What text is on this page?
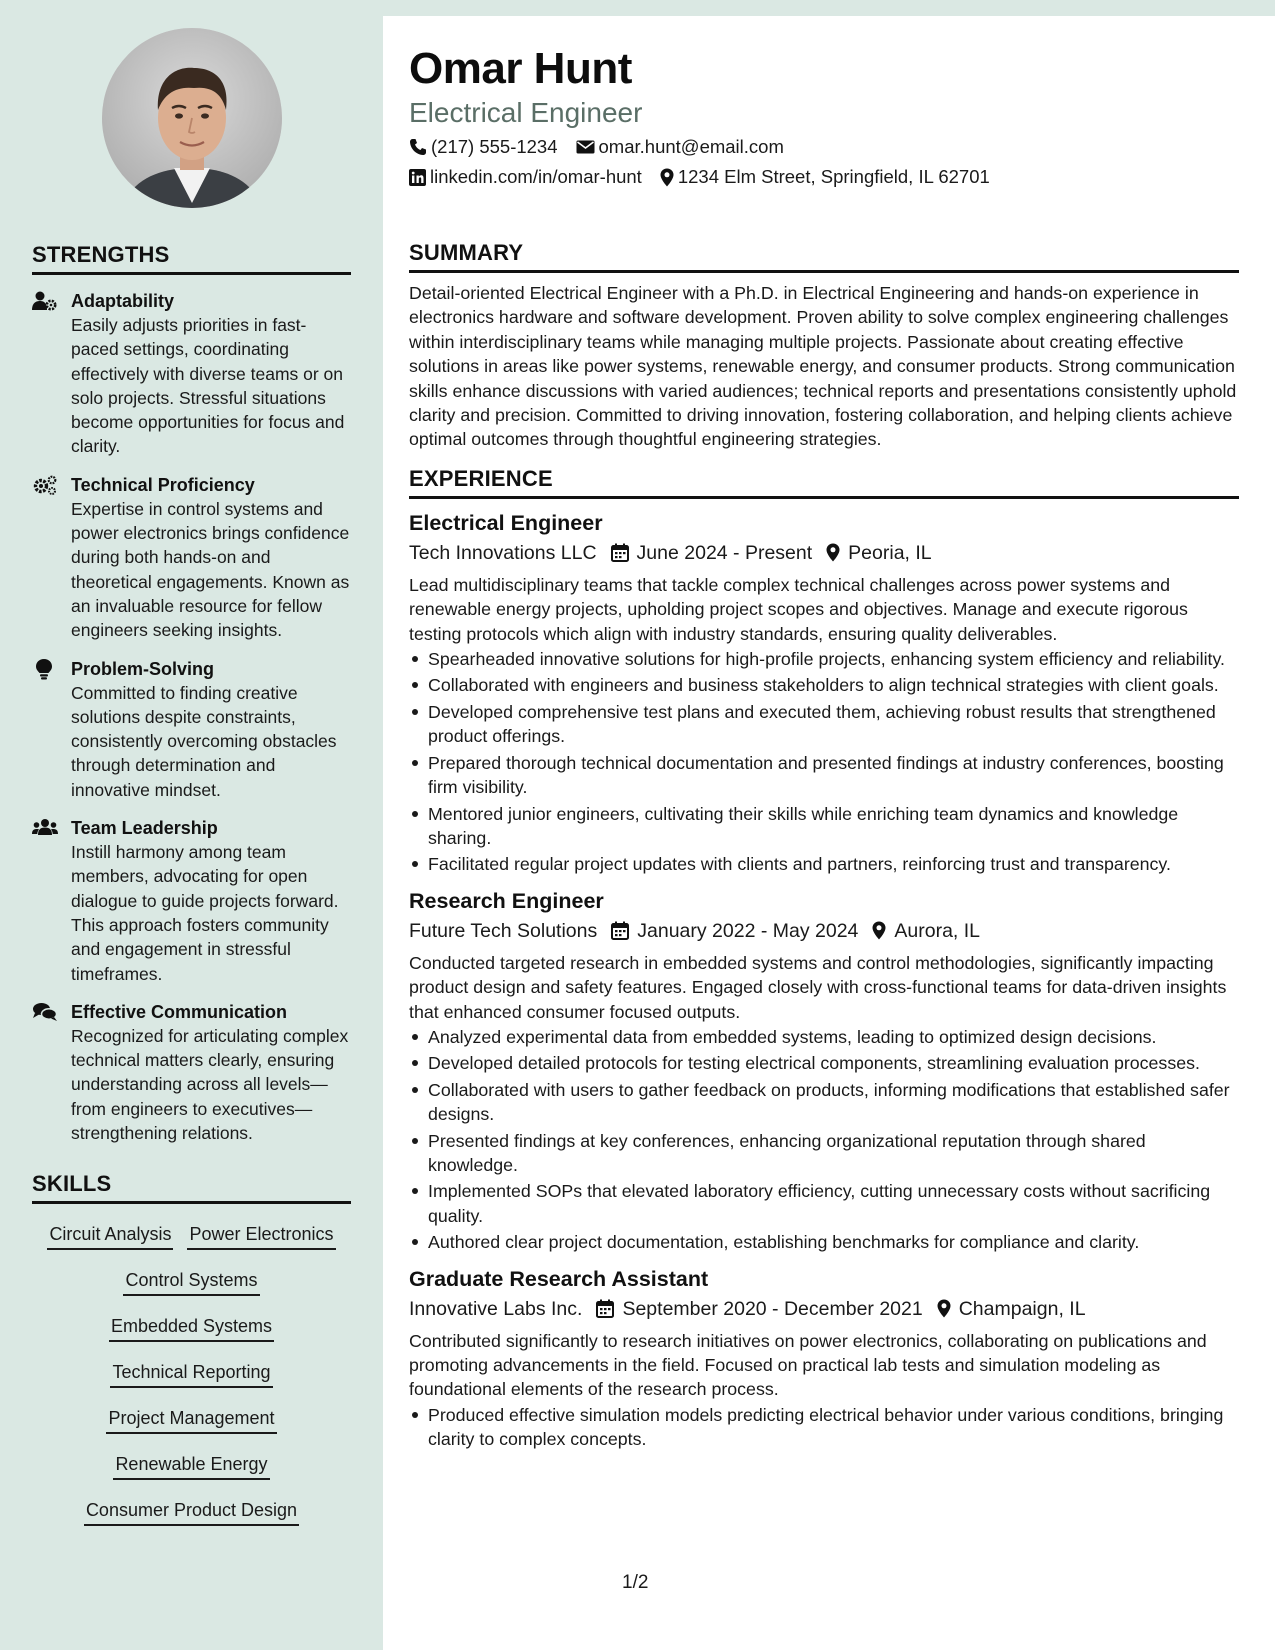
STRENGTHS
Adaptability
Easily adjusts priorities in fast-paced settings, coordinating effectively with diverse teams or on solo projects. Stressful situations become opportunities for focus and clarity.
Technical Proficiency
Expertise in control systems and power electronics brings confidence during both hands-on and theoretical engagements. Known as an invaluable resource for fellow engineers seeking insights.
Problem-Solving
Committed to finding creative solutions despite constraints, consistently overcoming obstacles through determination and innovative mindset.
Team Leadership
Instill harmony among team members, advocating for open dialogue to guide projects forward. This approach fosters community and engagement in stressful timeframes.
Effective Communication
Recognized for articulating complex technical matters clearly, ensuring understanding across all levels—from engineers to executives—strengthening relations.
SKILLS
Circuit Analysis Power Electronics
Control Systems
Embedded Systems
Technical Reporting
Project Management
Renewable Energy
Consumer Product Design
Omar Hunt
Electrical Engineer
(217) 555-1234 omar.hunt@email.com
linkedin.com/in/omar-hunt 1234 Elm Street, Springfield, IL 62701
SUMMARY
Detail-oriented Electrical Engineer with a Ph.D. in Electrical Engineering and hands-on experience in electronics hardware and software development. Proven ability to solve complex engineering challenges within interdisciplinary teams while managing multiple projects. Passionate about creating effective solutions in areas like power systems, renewable energy, and consumer products. Strong communication skills enhance discussions with varied audiences; technical reports and presentations consistently uphold clarity and precision. Committed to driving innovation, fostering collaboration, and helping clients achieve optimal outcomes through thoughtful engineering strategies.
EXPERIENCE
Electrical Engineer
Tech Innovations LLC June 2024 - Present Peoria, IL
Lead multidisciplinary teams that tackle complex technical challenges across power systems and renewable energy projects, upholding project scopes and objectives. Manage and execute rigorous testing protocols which align with industry standards, ensuring quality deliverables.
Spearheaded innovative solutions for high-profile projects, enhancing system efficiency and reliability.
Collaborated with engineers and business stakeholders to align technical strategies with client goals.
Developed comprehensive test plans and executed them, achieving robust results that strengthened product offerings.
Prepared thorough technical documentation and presented findings at industry conferences, boosting firm visibility.
Mentored junior engineers, cultivating their skills while enriching team dynamics and knowledge sharing.
Facilitated regular project updates with clients and partners, reinforcing trust and transparency.
Research Engineer
Future Tech Solutions January 2022 - May 2024 Aurora, IL
Conducted targeted research in embedded systems and control methodologies, significantly impacting product design and safety features. Engaged closely with cross-functional teams for data-driven insights that enhanced consumer focused outputs.
Analyzed experimental data from embedded systems, leading to optimized design decisions.
Developed detailed protocols for testing electrical components, streamlining evaluation processes.
Collaborated with users to gather feedback on products, informing modifications that established safer designs.
Presented findings at key conferences, enhancing organizational reputation through shared knowledge.
Implemented SOPs that elevated laboratory efficiency, cutting unnecessary costs without sacrificing quality.
Authored clear project documentation, establishing benchmarks for compliance and clarity.
Graduate Research Assistant
Innovative Labs Inc. September 2020 - December 2021 Champaign, IL
Contributed significantly to research initiatives on power electronics, collaborating on publications and promoting advancements in the field. Focused on practical lab tests and simulation modeling as foundational elements of the research process.
Produced effective simulation models predicting electrical behavior under various conditions, bringing clarity to complex concepts.
1/2
